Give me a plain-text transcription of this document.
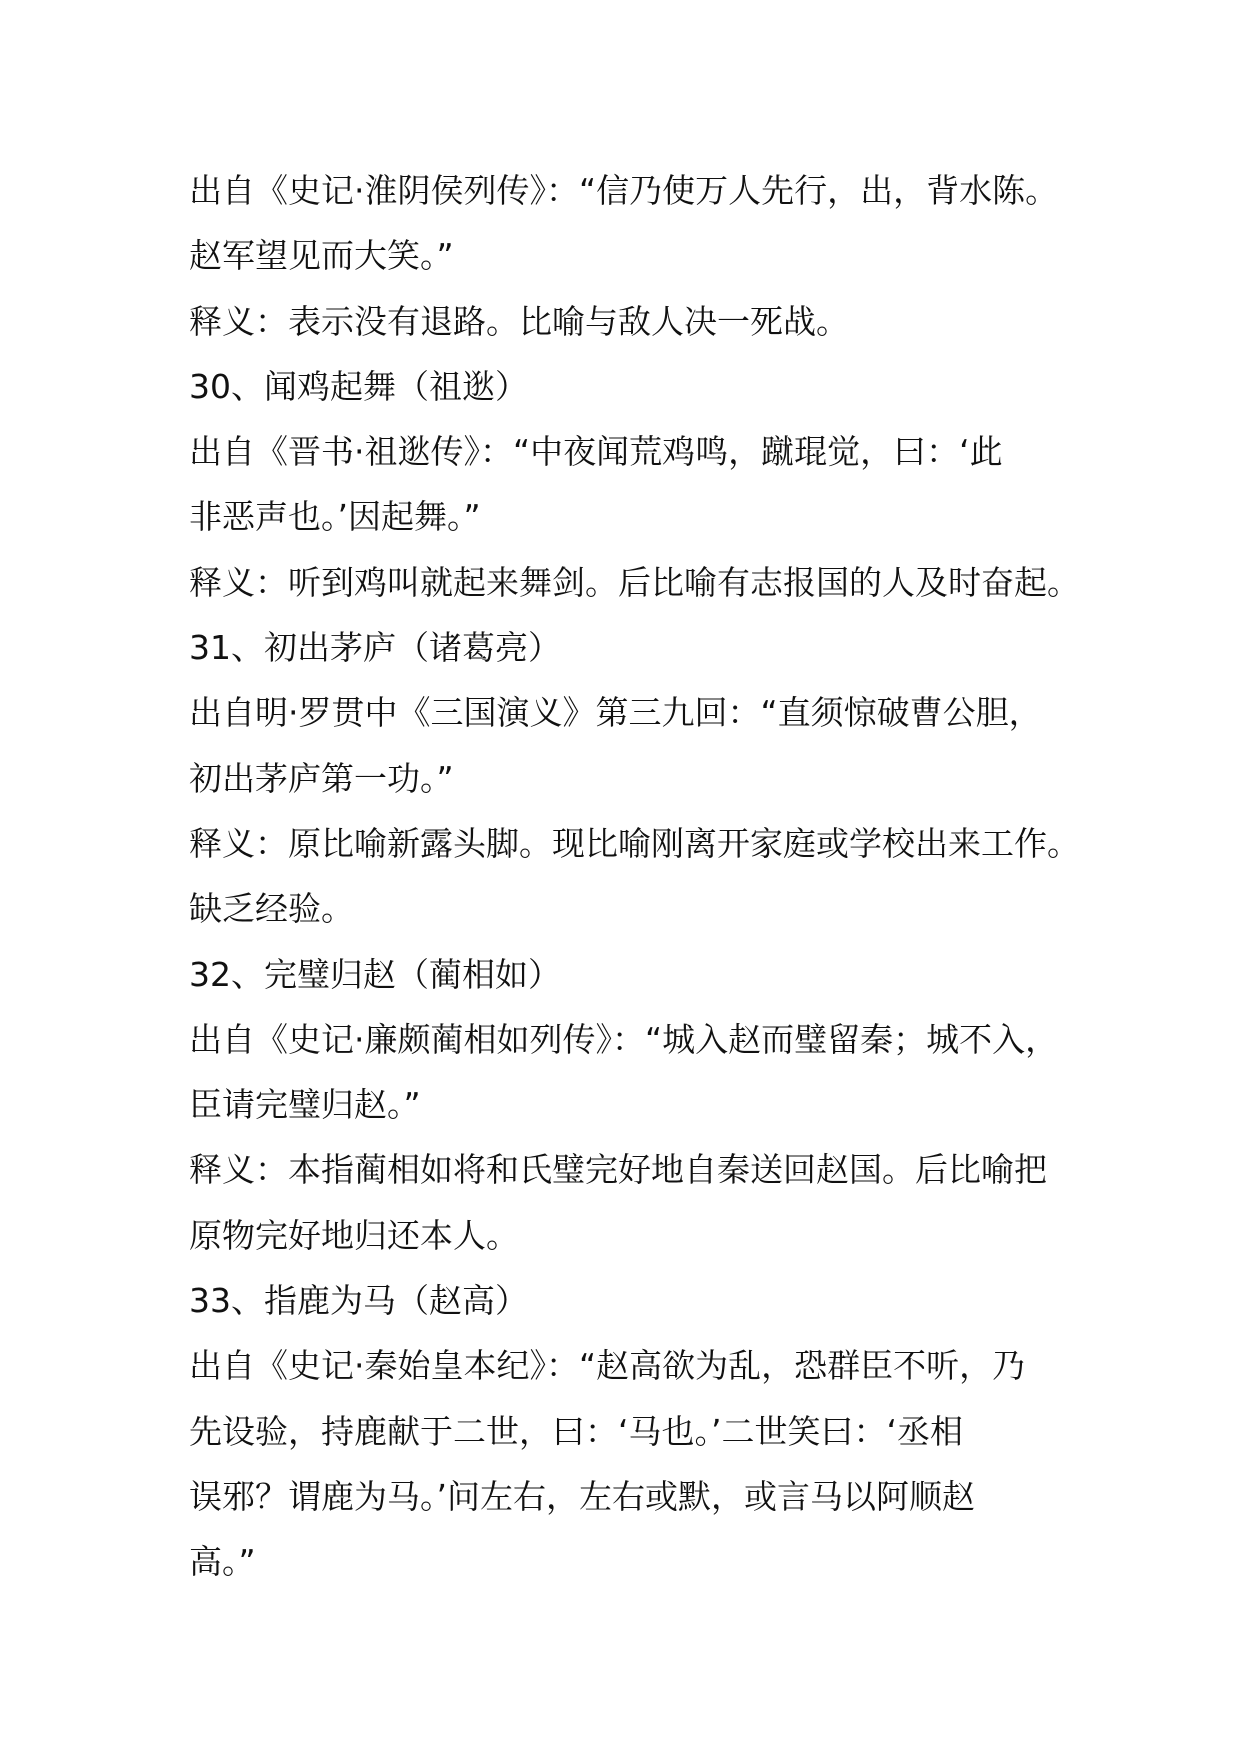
出自《史记·淮阴侯列传》：“信乃使万人先行，出，背水陈。
赵军望见而大笑。”
释义：表示没有退路。比喻与敌人决一死战。
30、闻鸡起舞（祖逖）
出自《晋书·祖逖传》：“中夜闻荒鸡鸣，蹴琨觉，曰：‘此
非恶声也。’因起舞。”
释义：听到鸡叫就起来舞剑。后比喻有志报国的人及时奋起。
31、初出茅庐（诸葛亮）
出自明·罗贯中《三国演义》第三九回：“直须惊破曹公胆，
初出茅庐第一功。”
释义：原比喻新露头脚。现比喻刚离开家庭或学校出来工作。
缺乏经验。
32、完璧归赵（蔺相如）
出自《史记·廉颇蔺相如列传》：“城入赵而璧留秦；城不入，
臣请完璧归赵。”
释义：本指蔺相如将和氏璧完好地自秦送回赵国。后比喻把
原物完好地归还本人。
33、指鹿为马（赵高）
出自《史记·秦始皇本纪》：“赵高欲为乱，恐群臣不听，乃
先设验，持鹿献于二世，曰：‘马也。’二世笑曰：‘丞相
误邪？谓鹿为马。’问左右，左右或默，或言马以阿顺赵
高。”
